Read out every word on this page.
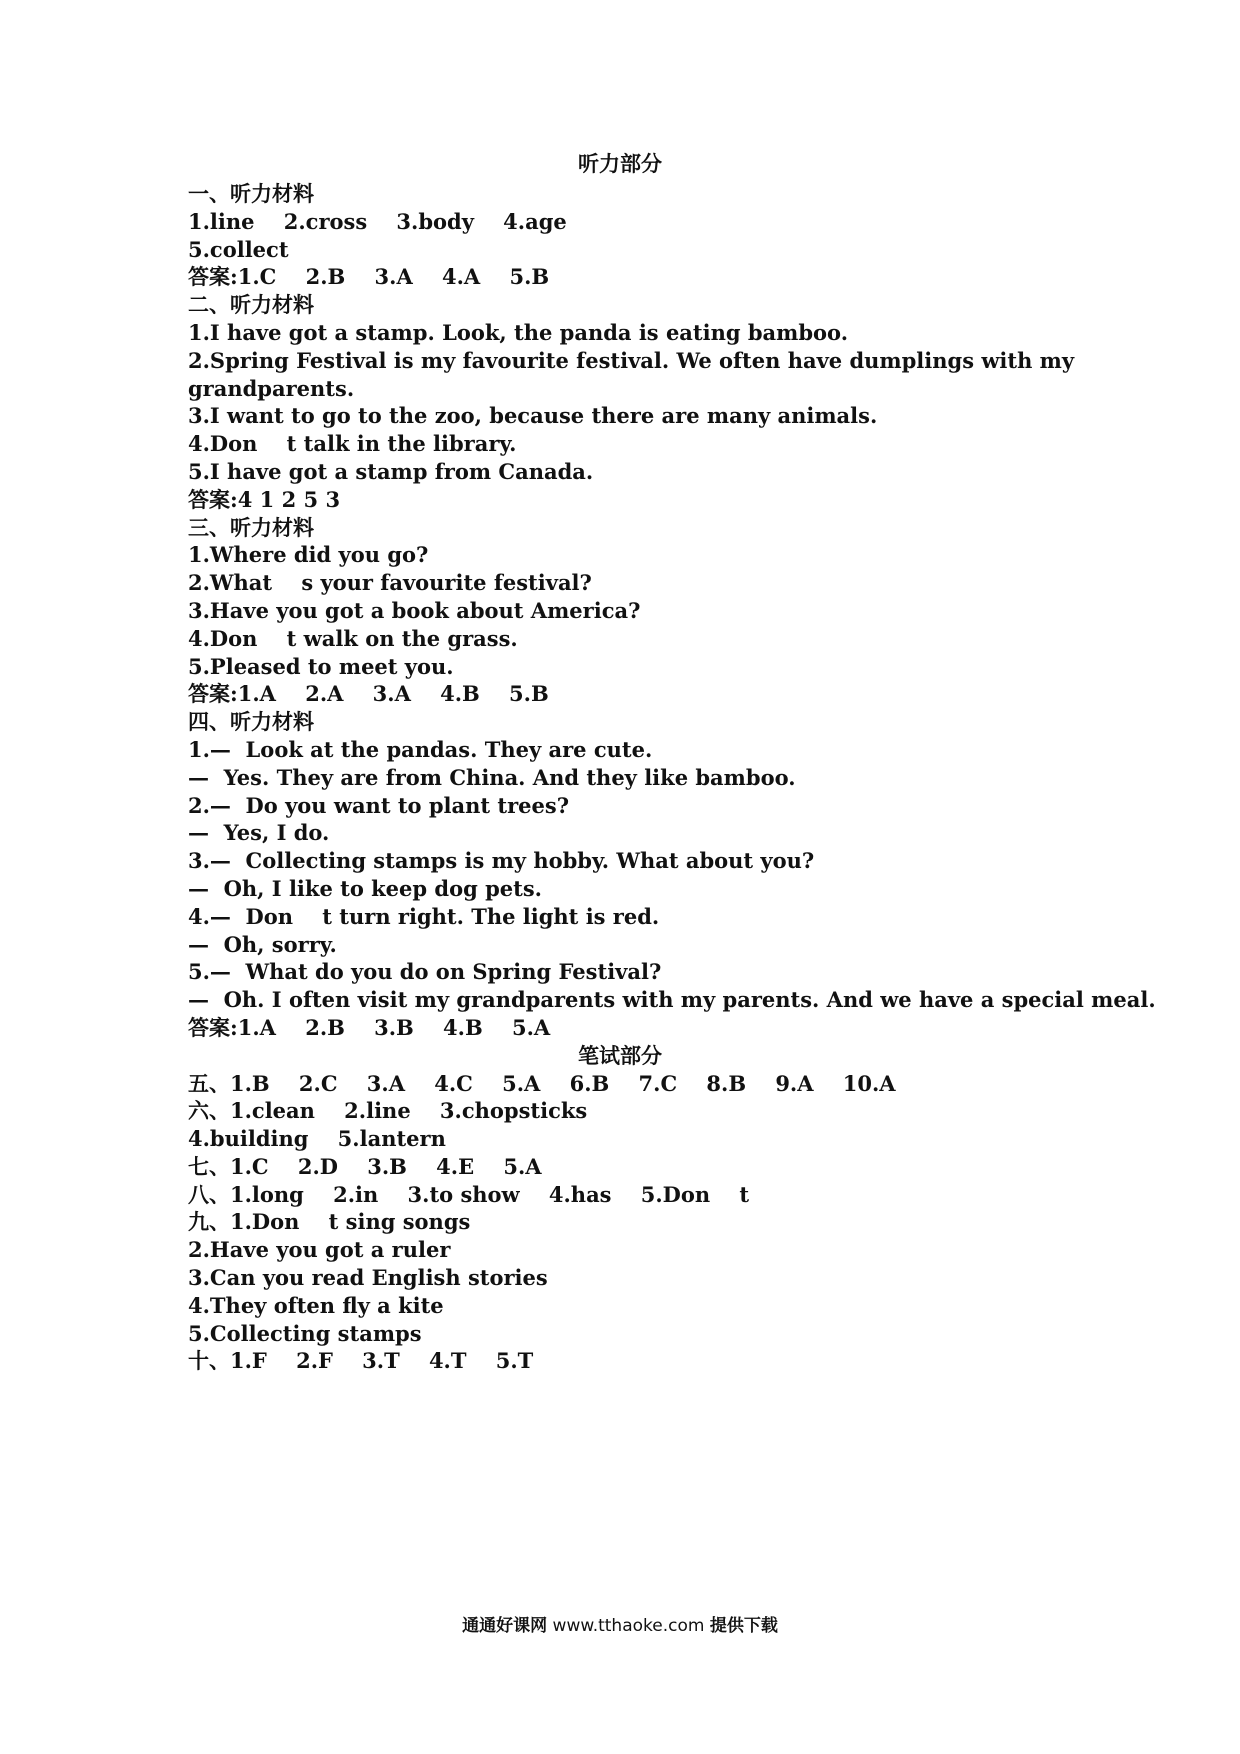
听力部分

一、听力材料

1.line    2.cross    3.body    4.age

5.collect

答案:1.C    2.B    3.A    4.A    5.B

二、听力材料

1.I have got a stamp. Look, the panda is eating bamboo.

2.Spring Festival is my favourite festival. We often have dumplings with my

grandparents.

3.I want to go to the zoo, because there are many animals.

4.Don    t talk in the library.

5.I have got a stamp from Canada.

答案:4 1 2 5 3

三、听力材料

1.Where did you go?

2.What    s your favourite festival?

3.Have you got a book about America?

4.Don    t walk on the grass.

5.Pleased to meet you.

答案:1.A    2.A    3.A    4.B    5.B

四、听力材料

1.—  Look at the pandas. They are cute.

—  Yes. They are from China. And they like bamboo.

2.—  Do you want to plant trees?

—  Yes, I do.

3.—  Collecting stamps is my hobby. What about you?

—  Oh, I like to keep dog pets.

4.—  Don    t turn right. The light is red.

—  Oh, sorry.

5.—  What do you do on Spring Festival?

—  Oh. I often visit my grandparents with my parents. And we have a special meal.

答案:1.A    2.B    3.B    4.B    5.A

五、1.B    2.C    3.A    4.C    5.A    6.B    7.C    8.B    9.A    10.A

六、1.clean    2.line    3.chopsticks

4.building    5.lantern

七、1.C    2.D    3.B    4.E    5.A

八、1.long    2.in    3.to show    4.has    5.Don    t

九、1.Don    t sing songs

2.Have you got a ruler

3.Can you read English stories

4.They often fly a kite

5.Collecting stamps

十、1.F    2.F    3.T    4.T    5.T

笔试部分
通通好课网 www.tthaoke.com 提供下载
